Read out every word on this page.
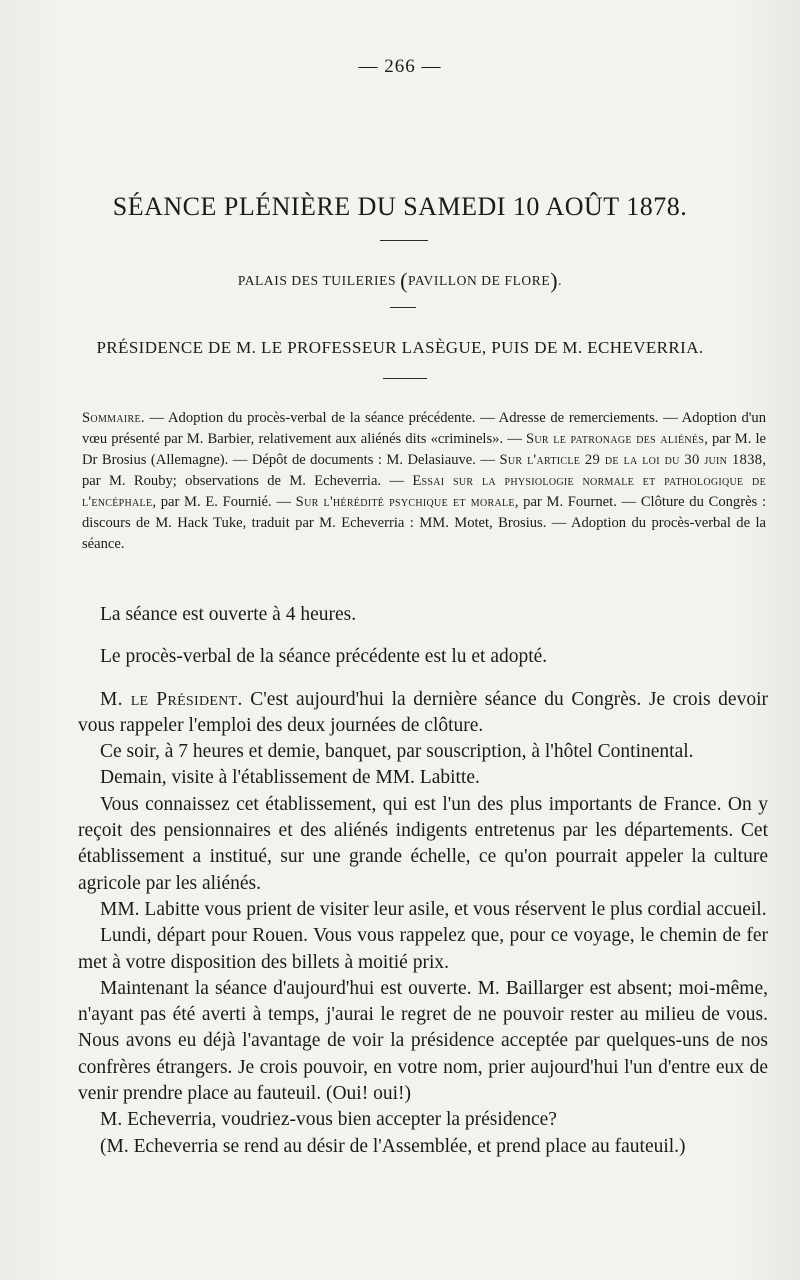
— 266 —
SÉANCE PLÉNIÈRE DU SAMEDI 10 AOÛT 1878.
PALAIS DES TUILERIES (PAVILLON DE FLORE).
PRÉSIDENCE DE M. LE PROFESSEUR LASÈGUE, PUIS DE M. ECHEVERRIA.
Sommaire. — Adoption du procès-verbal de la séance précédente. — Adresse de remerciements. — Adoption d'un vœu présenté par M. Barbier, relativement aux aliénés dits «criminels». — Sur le patronage des aliénés, par M. le Dr Brosius (Allemagne). — Dépôt de documents : M. Delasiauve. — Sur l'article 29 de la loi du 30 juin 1838, par M. Rouby; observations de M. Echeverria. — Essai sur la physiologie normale et pathologique de l'encéphale, par M. E. Fournié. — Sur l'hérédité psychique et morale, par M. Fournet. — Clôture du Congrès : discours de M. Hack Tuke, traduit par M. Echeverria : MM. Motet, Brosius. — Adoption du procès-verbal de la séance.

La séance est ouverte à 4 heures.

Le procès-verbal de la séance précédente est lu et adopté.

M. le Président. C'est aujourd'hui la dernière séance du Congrès. Je crois devoir vous rappeler l'emploi des deux journées de clôture.

Ce soir, à 7 heures et demie, banquet, par souscription, à l'hôtel Continental.

Demain, visite à l'établissement de MM. Labitte.

Vous connaissez cet établissement, qui est l'un des plus importants de France. On y reçoit des pensionnaires et des aliénés indigents entretenus par les départements. Cet établissement a institué, sur une grande échelle, ce qu'on pourrait appeler la culture agricole par les aliénés.

MM. Labitte vous prient de visiter leur asile, et vous réservent le plus cordial accueil.

Lundi, départ pour Rouen. Vous vous rappelez que, pour ce voyage, le chemin de fer met à votre disposition des billets à moitié prix.

Maintenant la séance d'aujourd'hui est ouverte. M. Baillarger est absent; moi-même, n'ayant pas été averti à temps, j'aurai le regret de ne pouvoir rester au milieu de vous. Nous avons eu déjà l'avantage de voir la présidence acceptée par quelques-uns de nos confrères étrangers. Je crois pouvoir, en votre nom, prier aujourd'hui l'un d'entre eux de venir prendre place au fauteuil. (Oui! oui!)

M. Echeverria, voudriez-vous bien accepter la présidence?

(M. Echeverria se rend au désir de l'Assemblée, et prend place au fauteuil.)
